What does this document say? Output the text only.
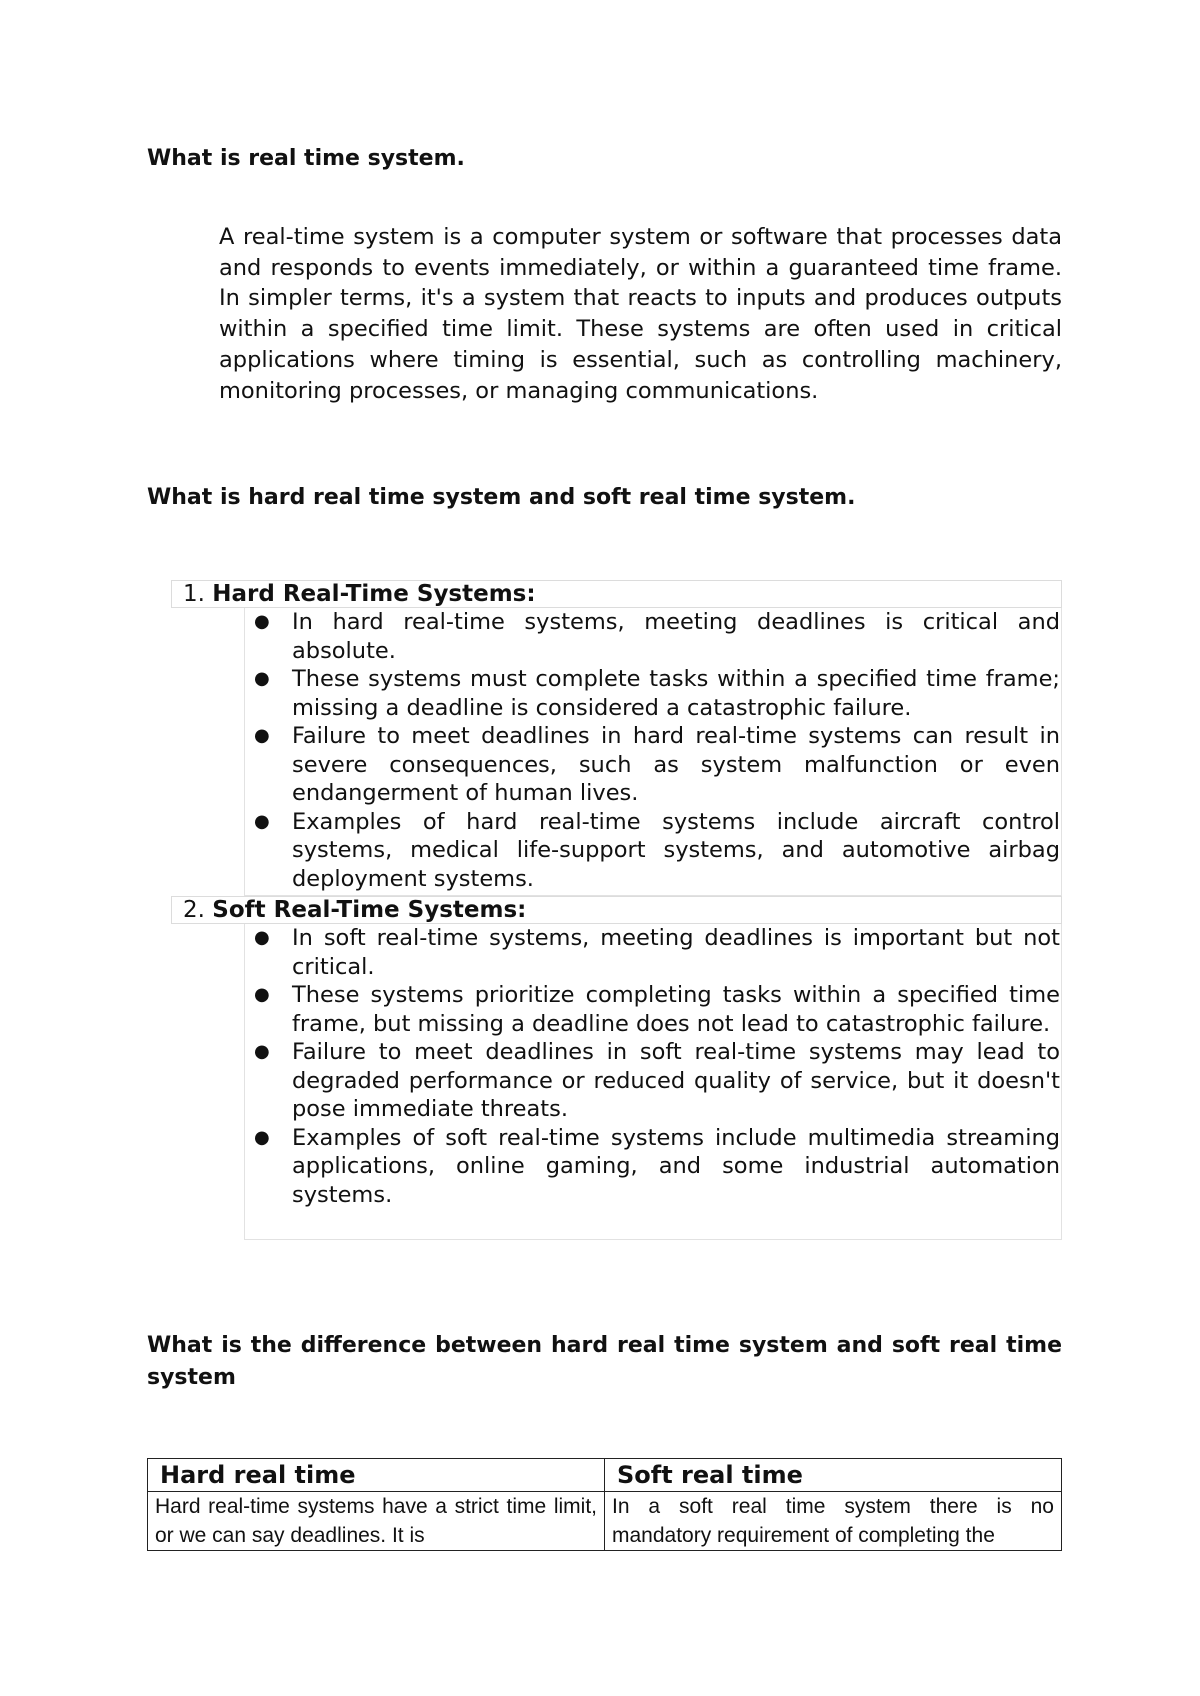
What is real time system.

A real-time system is a computer system or software that processes data and responds to events immediately, or within a guaranteed time frame. In simpler terms, it's a system that reacts to inputs and produces outputs within a specified time limit. These systems are often used in critical applications where timing is essential, such as controlling machinery, monitoring processes, or managing communications.

What is hard real time system and soft real time system.

1. Hard Real-Time Systems:

● In hard real-time systems, meeting deadlines is critical and absolute.
● These systems must complete tasks within a specified time frame; missing a deadline is considered a catastrophic failure.
● Failure to meet deadlines in hard real-time systems can result in severe consequences, such as system malfunction or even endangerment of human lives.
● Examples of hard real-time systems include aircraft control systems, medical life-support systems, and automotive airbag deployment systems.

2. Soft Real-Time Systems:

● In soft real-time systems, meeting deadlines is important but not critical.
● These systems prioritize completing tasks within a specified time frame, but missing a deadline does not lead to catastrophic failure.
● Failure to meet deadlines in soft real-time systems may lead to degraded performance or reduced quality of service, but it doesn't pose immediate threats.
● Examples of soft real-time systems include multimedia streaming applications, online gaming, and some industrial automation systems.
What is the difference between hard real time system and soft real time system
Hard real time	Soft real time

Hard real-time systems have a strict time limit, or we can say deadlines. It is	In a soft real time system there is no mandatory requirement of completing the
